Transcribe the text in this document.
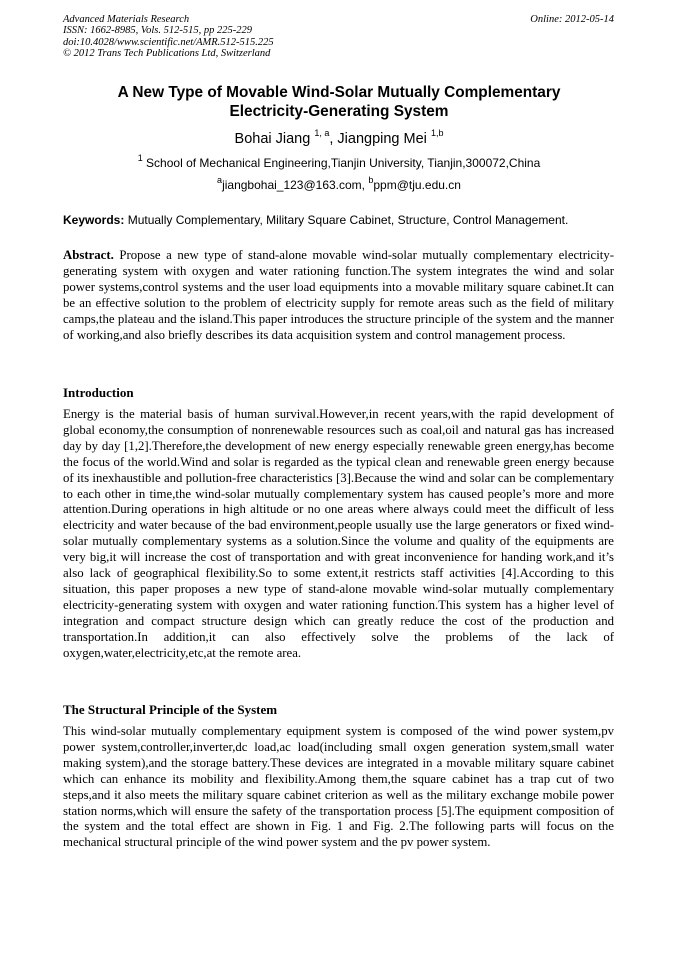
Advanced Materials Research
ISSN: 1662-8985, Vols. 512-515, pp 225-229
doi:10.4028/www.scientific.net/AMR.512-515.225
© 2012 Trans Tech Publications Ltd, Switzerland
Online: 2012-05-14
A New Type of Movable Wind-Solar Mutually Complementary
Electricity-Generating System
Bohai Jiang $^{1, a}$, Jiangping Mei $^{1,b}$
$^1$ School of Mechanical Engineering,Tianjin University, Tianjin,300072,China
$^a$jiangbohai_123@163.com, $^b$ppm@tju.edu.cn
Keywords: Mutually Complementary, Military Square Cabinet, Structure, Control Management.
Abstract. Propose a new type of stand-alone movable wind-solar mutually complementary electricity-generating system with oxygen and water rationing function.The system integrates the wind and solar power systems,control systems and the user load equipments into a movable military square cabinet.It can be an effective solution to the problem of electricity supply for remote areas such as the field of military camps,the plateau and the island.This paper introduces the structure principle of the system and the manner of working,and also briefly describes its data acquisition system and control management process.
Introduction
Energy is the material basis of human survival.However,in recent years,with the rapid development of global economy,the consumption of nonrenewable resources such as coal,oil and natural gas has increased day by day [1,2].Therefore,the development of new energy especially renewable green energy,has become the focus of the world.Wind and solar is regarded as the typical clean and renewable green energy because of its inexhaustible and pollution-free characteristics [3].Because the wind and solar can be complementary to each other in time,the wind-solar mutually complementary system has caused people’s more and more attention.During operations in high altitude or no one areas where always could meet the difficult of less electricity and water because of the bad environment,people usually use the large generators or fixed wind-solar mutually complementary systems as a solution.Since the volume and quality of the equipments are very big,it will increase the cost of transportation and with great inconvenience for handing work,and it’s also lack of geographical flexibility.So to some extent,it restricts staff activities [4].According to this situation, this paper proposes a new type of stand-alone movable wind-solar mutually complementary electricity-generating system with oxygen and water rationing function.This system has a higher level of integration and compact structure design which can greatly reduce the cost of the production and transportation.In addition,it can also effectively solve the problems of the lack of oxygen,water,electricity,etc,at the remote area.
The Structural Principle of the System
This wind-solar mutually complementary equipment system is composed of the wind power system,pv power system,controller,inverter,dc load,ac load(including small oxgen generation system,small water making system),and the storage battery.These devices are integrated in a movable military square cabinet which can enhance its mobility and flexibility.Among them,the square cabinet has a trap cut of two steps,and it also meets the military square cabinet criterion as well as the military exchange mobile power station norms,which will ensure the safety of the transportation process [5].The equipment composition of the system and the total effect are shown in Fig. 1 and Fig. 2.The following parts will focus on the mechanical structural principle of the wind power system and the pv power system.
